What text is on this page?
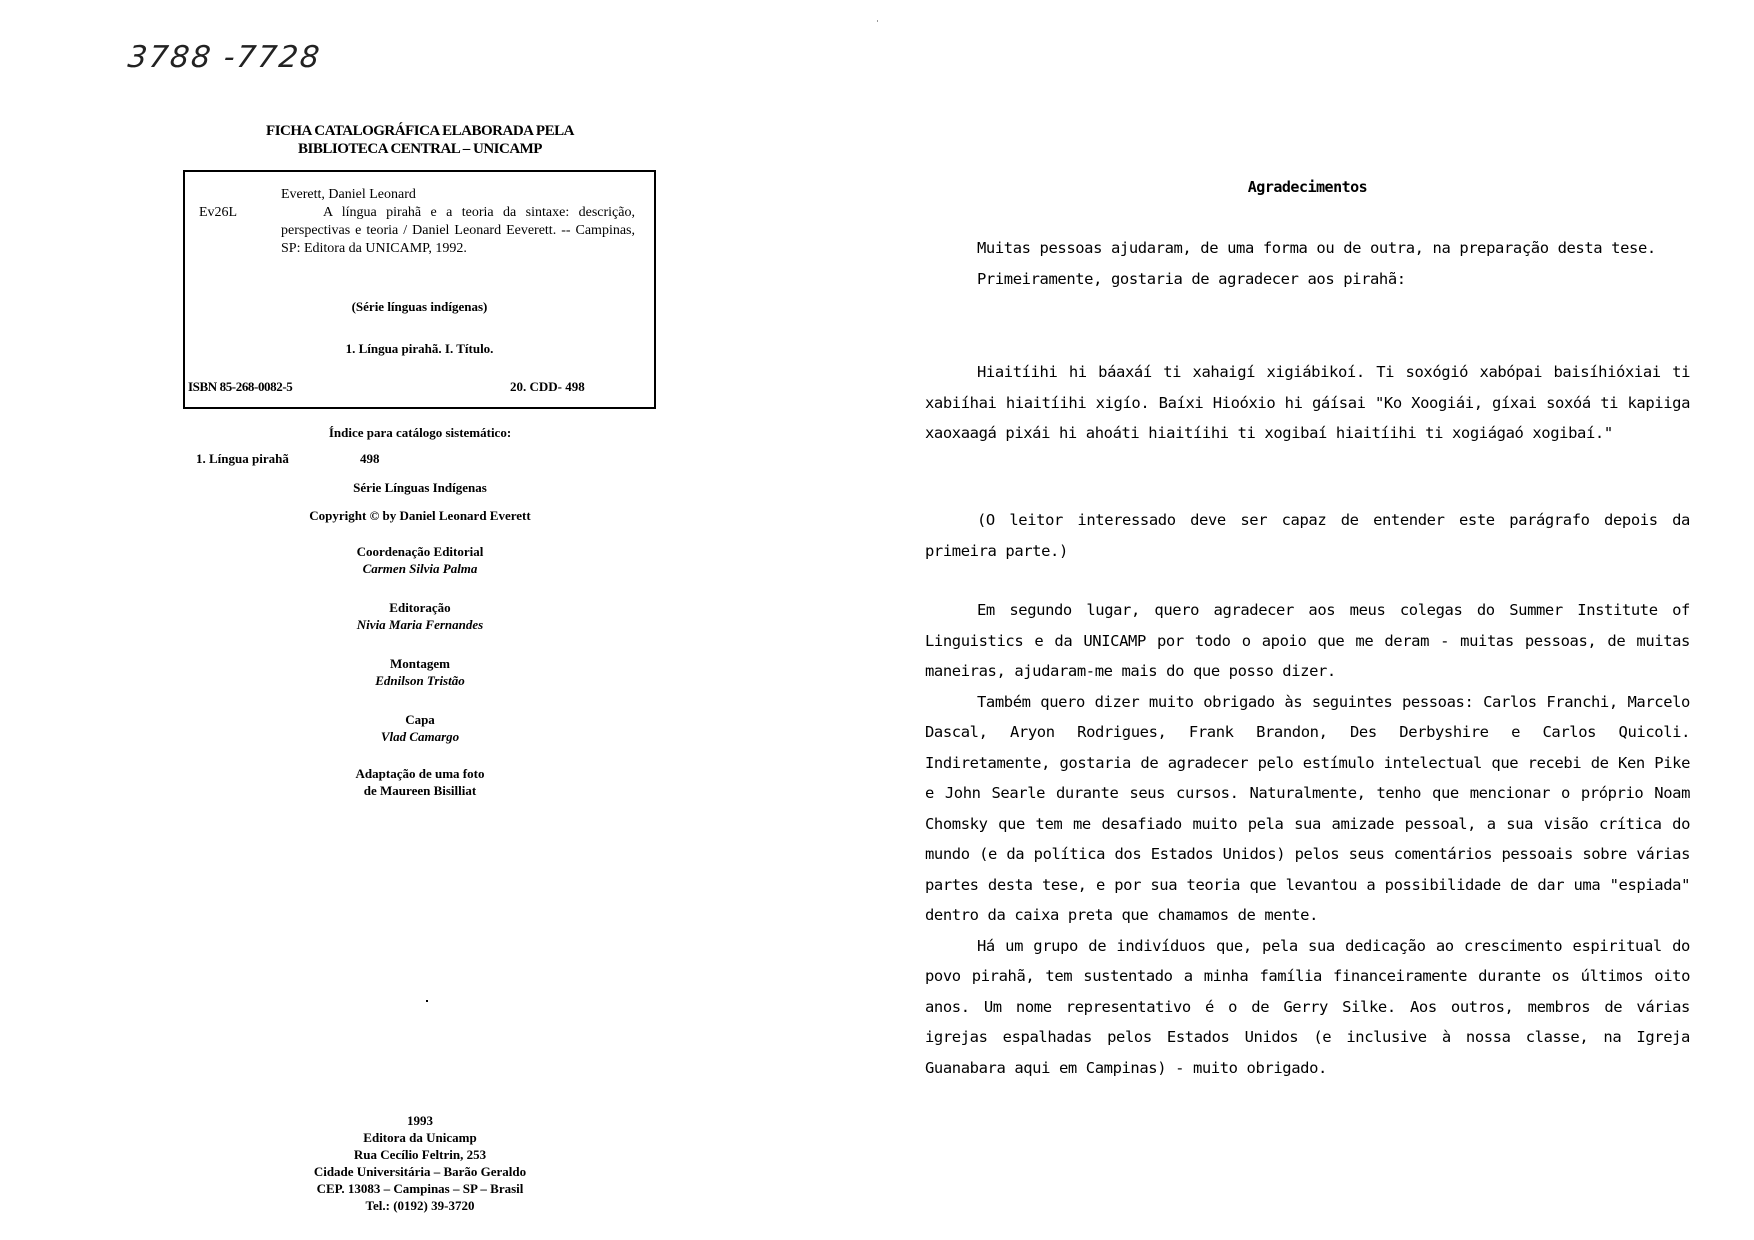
3788 -7728
FICHA CATALOGRÁFICA ELABORADA PELA
BIBLIOTECA CENTRAL – UNICAMP
Everett, Daniel Leonard
Ev26L	A língua pirahã e a teoria da sintaxe: descrição, perspectivas e teoria / Daniel Leonard Eeverett. -- Campinas, SP: Editora da UNICAMP, 1992.
(Série línguas indígenas)
1. Língua pirahã. I. Título.
ISBN 85-268-0082-5	20. CDD- 498
Índice para catálogo sistemático:
1. Língua pirahã	498
Série Línguas Indígenas
Copyright © by Daniel Leonard Everett
Coordenação Editorial
Carmen Silvia Palma
Editoração
Nivia Maria Fernandes
Montagem
Ednilson Tristão
Capa
Vlad Camargo
Adaptação de uma foto
de Maureen Bisilliat
1993
Editora da Unicamp
Rua Cecílio Feltrin, 253
Cidade Universitária – Barão Geraldo
CEP. 13083 – Campinas – SP – Brasil
Tel.: (0192) 39-3720
Agradecimentos

Muitas pessoas ajudaram, de uma forma ou de outra, na preparação desta tese.

Primeiramente, gostaria de agradecer aos pirahã:

Hiaitíihi hi báaxáí ti xahaigí xigiábikoí. Ti soxógió xabópai baisíhióxiai ti xabiíhai hiaitíihi xigío. Baíxi Hioóxio hi gáísai "Ko Xoogiái, gíxai soxóá ti kapiiga xaoxaagá pixái hi ahoáti hiaitíihi ti xogibaí hiaitíihi ti xogiágaó xogibaí."

(O leitor interessado deve ser capaz de entender este parágrafo depois da primeira parte.)

Em segundo lugar, quero agradecer aos meus colegas do Summer Institute of Linguistics e da UNICAMP por todo o apoio que me deram - muitas pessoas, de muitas maneiras, ajudaram-me mais do que posso dizer.

Também quero dizer muito obrigado às seguintes pessoas: Carlos Franchi, Marcelo Dascal, Aryon Rodrigues, Frank Brandon, Des Derbyshire e Carlos Quicoli. Indiretamente, gostaria de agradecer pelo estímulo intelectual que recebi de Ken Pike e John Searle durante seus cursos. Naturalmente, tenho que mencionar o próprio Noam Chomsky que tem me desafiado muito pela sua amizade pessoal, a sua visão crítica do mundo (e da política dos Estados Unidos) pelos seus comentários pessoais sobre várias partes desta tese, e por sua teoria que levantou a possibilidade de dar uma "espiada" dentro da caixa preta que chamamos de mente.

Há um grupo de indivíduos que, pela sua dedicação ao crescimento espiritual do povo pirahã, tem sustentado a minha família financeiramente durante os últimos oito anos. Um nome representativo é o de Gerry Silke. Aos outros, membros de várias igrejas espalhadas pelos Estados Unidos (e inclusive à nossa classe, na Igreja Guanabara aqui em Campinas) - muito obrigado.
